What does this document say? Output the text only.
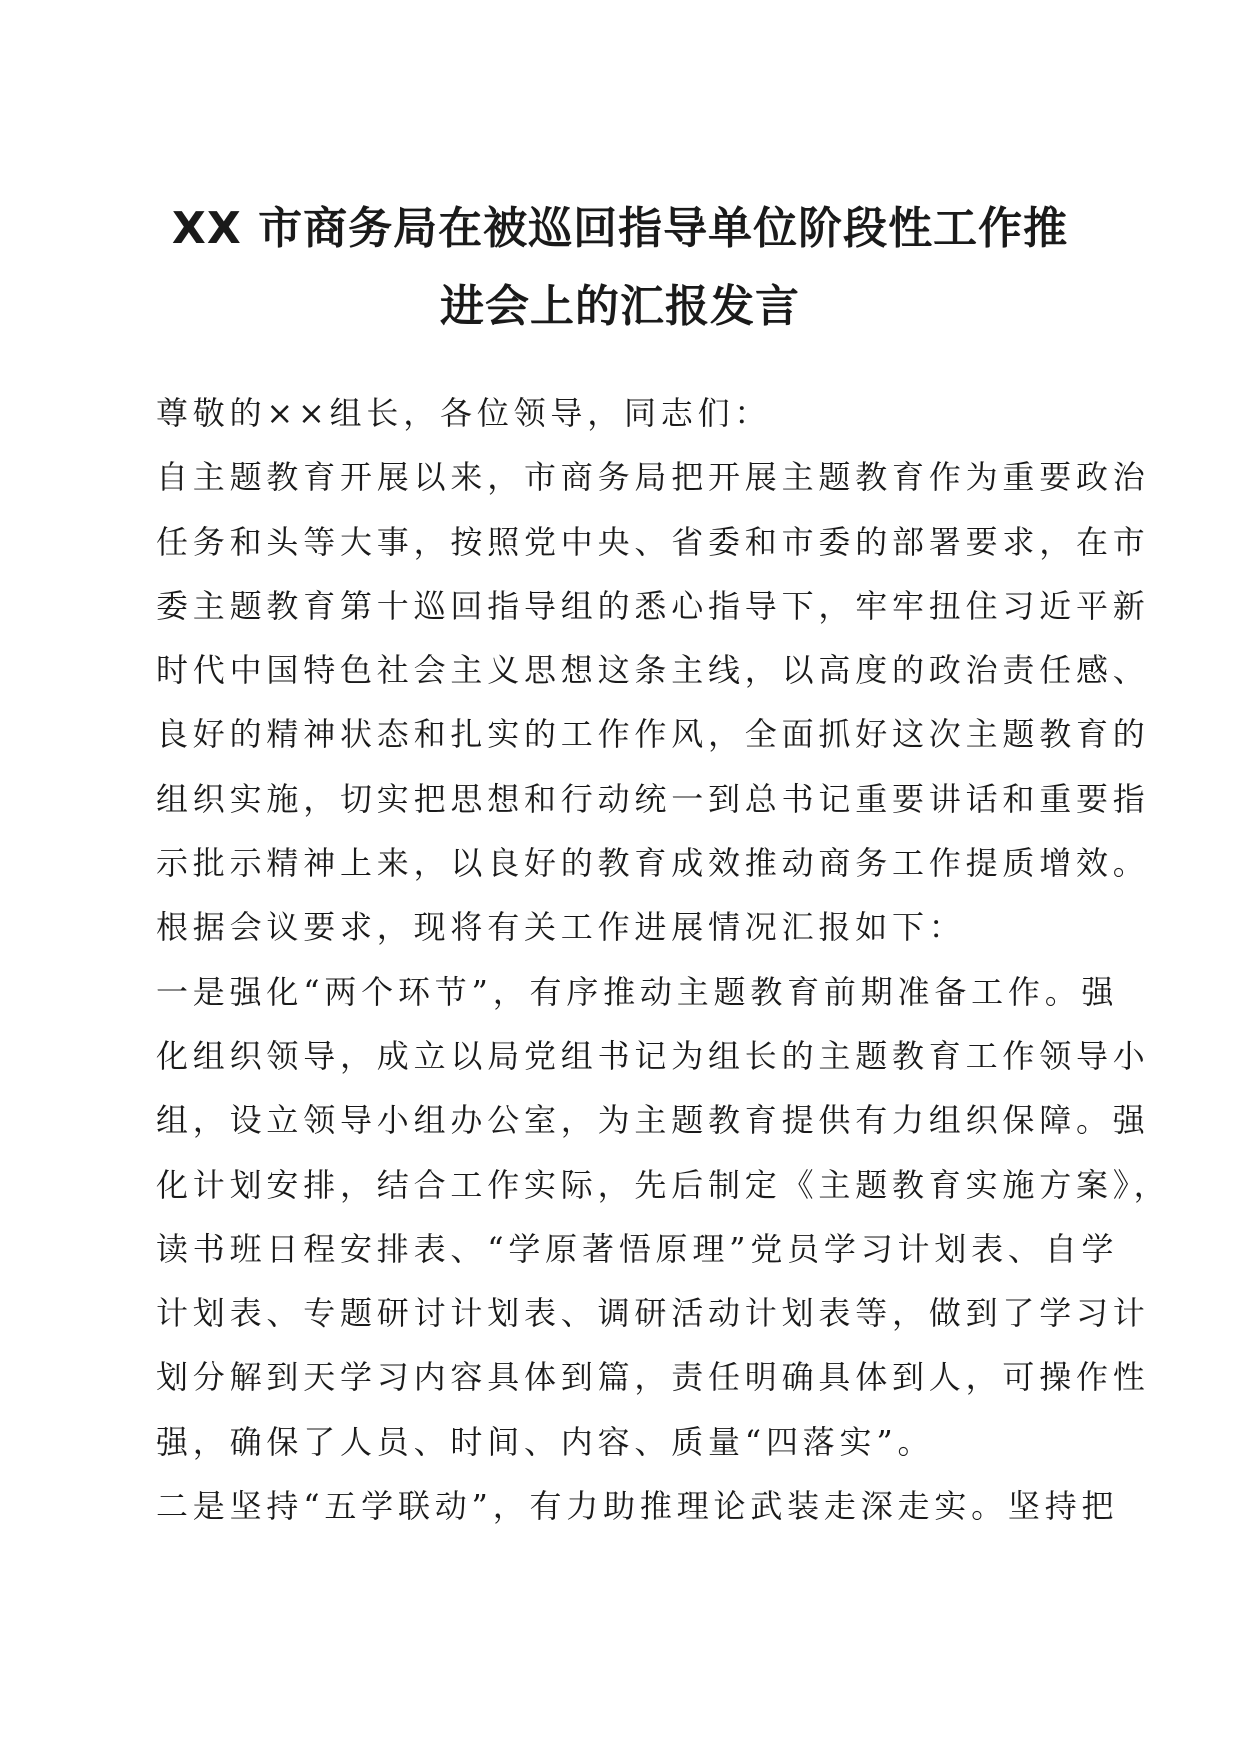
XX 市商务局在被巡回指导单位阶段性工作推
进会上的汇报发言
尊敬的××组长，各位领导，同志们：
自主题教育开展以来，市商务局把开展主题教育作为重要政治
任务和头等大事，按照党中央、省委和市委的部署要求，在市
委主题教育第十巡回指导组的悉心指导下，牢牢扭住习近平新
时代中国特色社会主义思想这条主线，以高度的政治责任感、
良好的精神状态和扎实的工作作风，全面抓好这次主题教育的
组织实施，切实把思想和行动统一到总书记重要讲话和重要指
示批示精神上来，以良好的教育成效推动商务工作提质增效。
根据会议要求，现将有关工作进展情况汇报如下：
一是强化“两个环节”，有序推动主题教育前期准备工作。强
化组织领导，成立以局党组书记为组长的主题教育工作领导小
组，设立领导小组办公室，为主题教育提供有力组织保障。强
化计划安排，结合工作实际，先后制定《主题教育实施方案》，
读书班日程安排表、“学原著悟原理”党员学习计划表、自学
计划表、专题研讨计划表、调研活动计划表等，做到了学习计
划分解到天学习内容具体到篇，责任明确具体到人，可操作性
强，确保了人员、时间、内容、质量“四落实”。
二是坚持“五学联动”，有力助推理论武装走深走实。坚持把
